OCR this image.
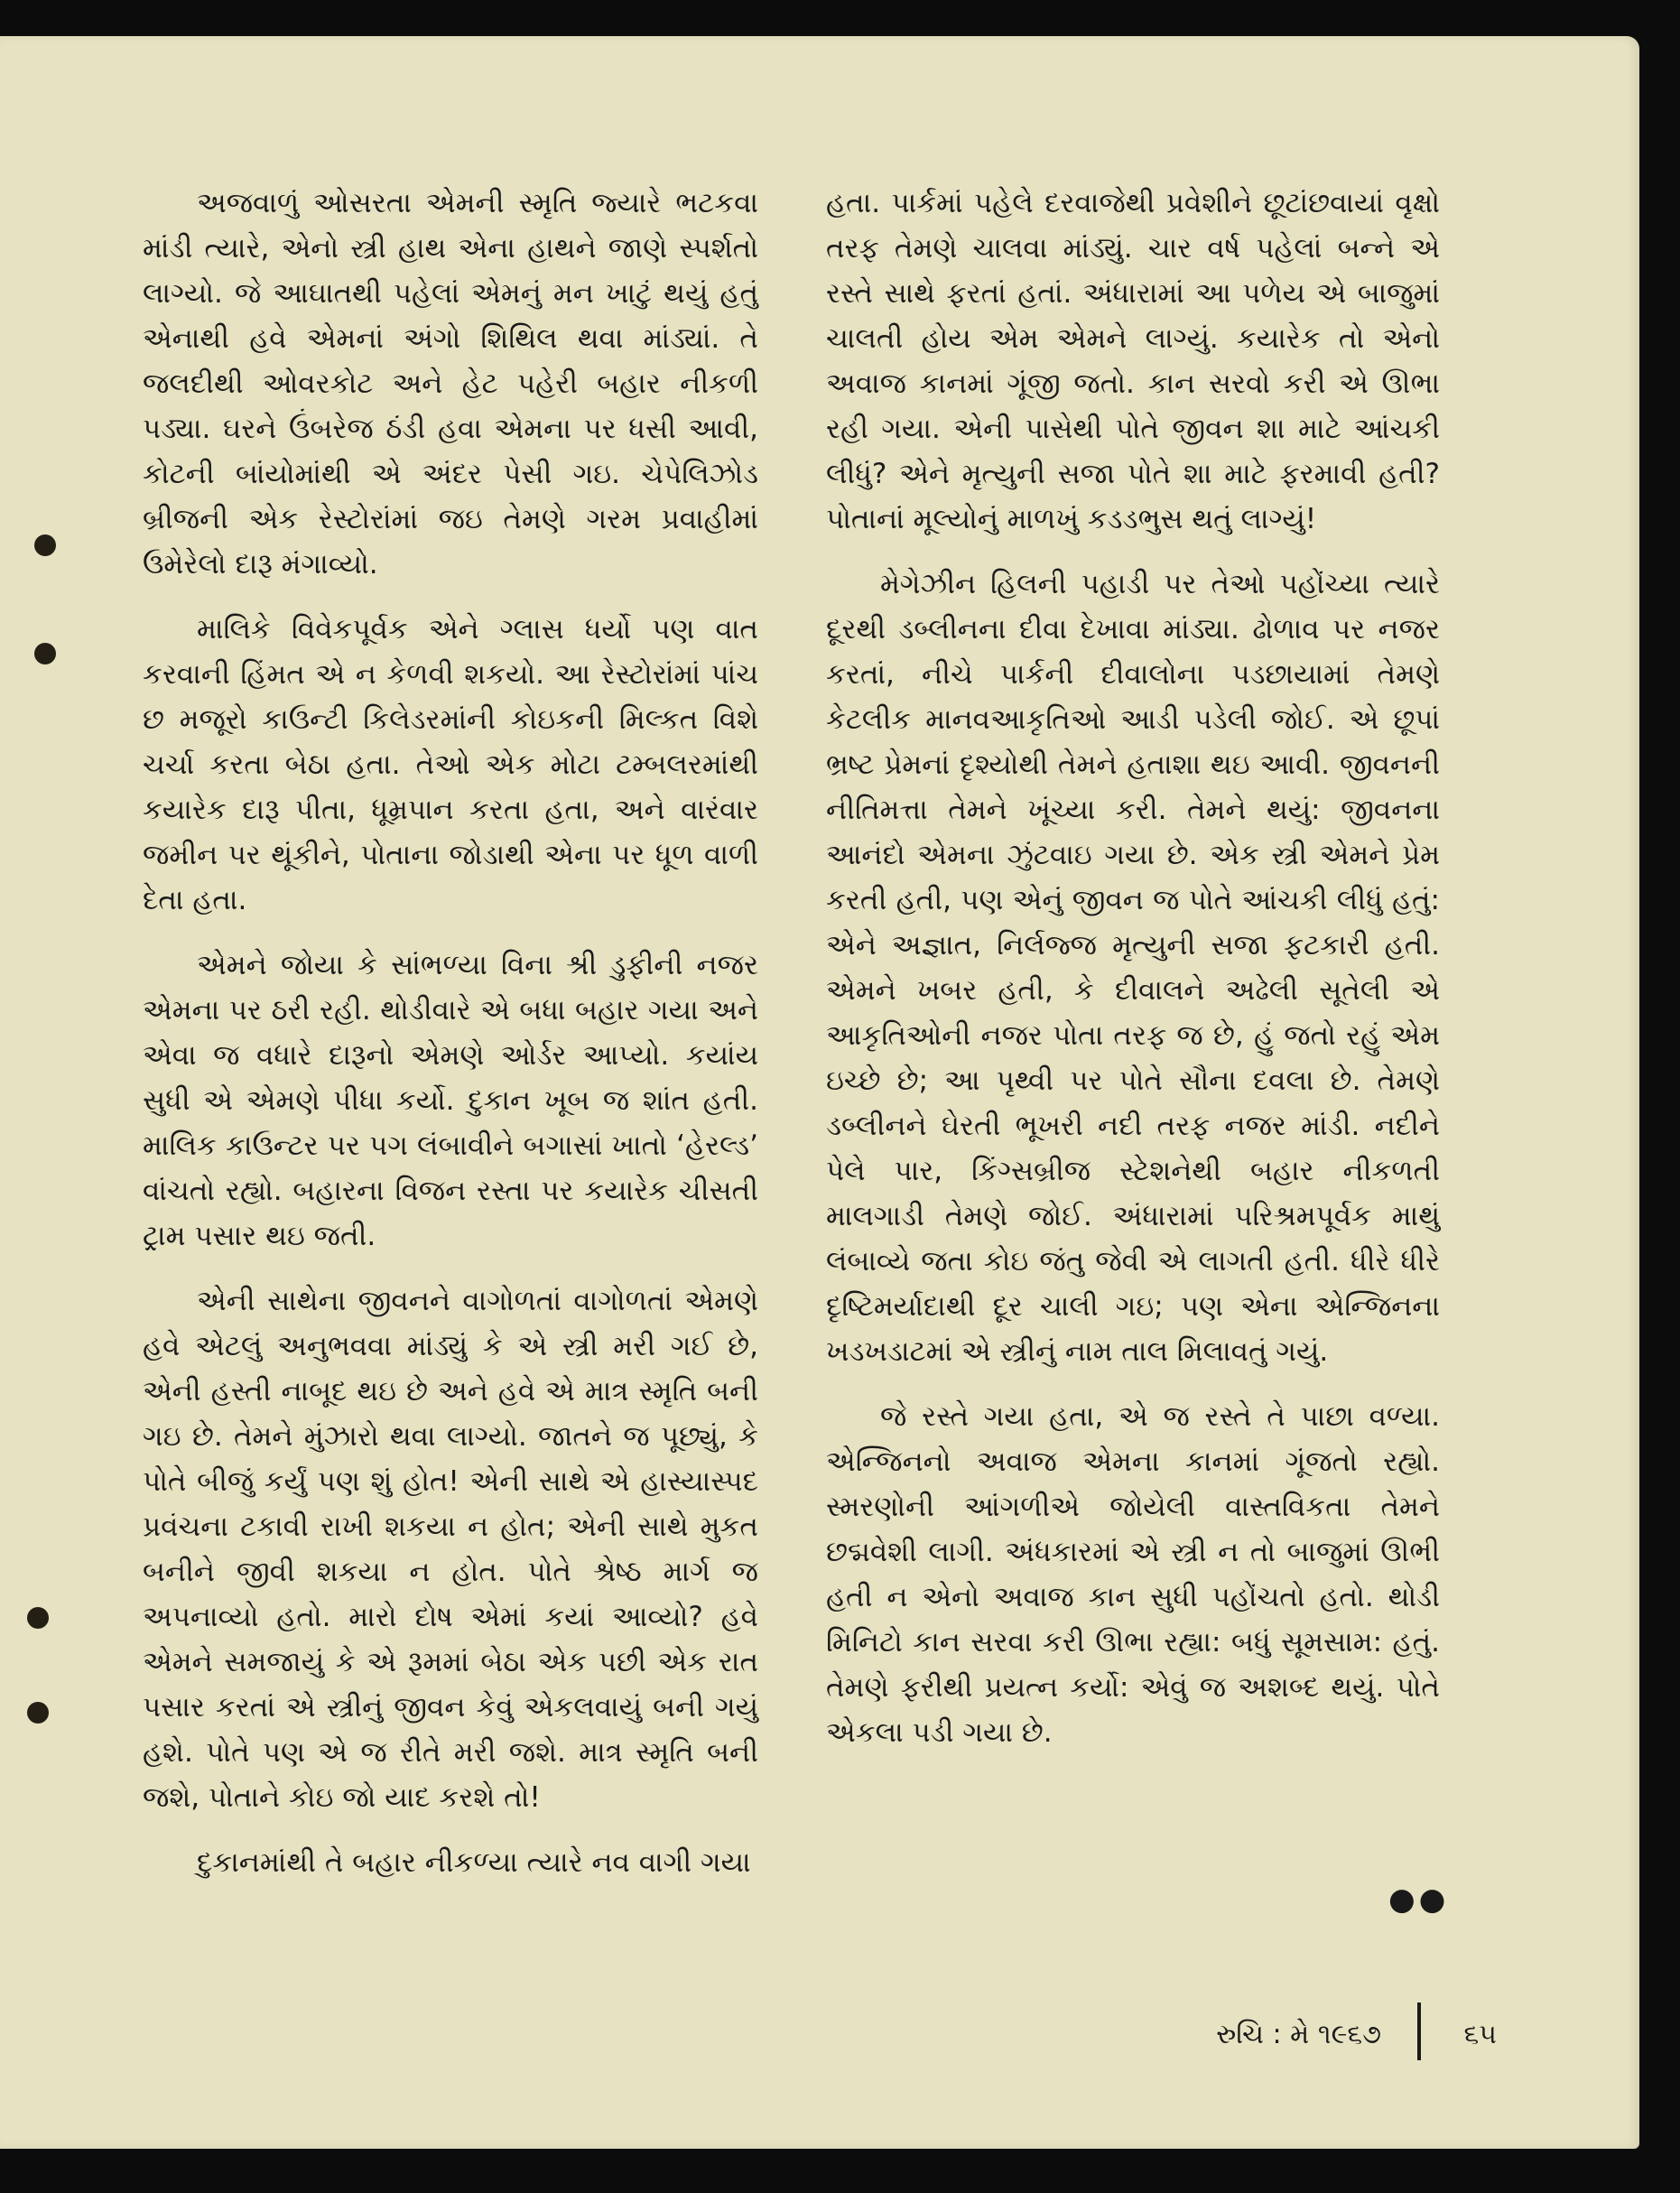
અજવાળું ઓસરતા એમની સ્મૃતિ જ્યારે ભટકવા માંડી ત્યારે, એનો સ્ત્રી હાથ એના હાથને જાણે સ્પર્શતો લાગ્યો. જે આઘાતથી પહેલાં એમનું મન ખાટું થયું હતું એનાથી હવે એમનાં અંગો શિથિલ થવા માંડ્યાં. તે જલદીથી ઓવરકોટ અને હેટ પહેરી બહાર નીકળી પડ્યા. ઘરને ઉંબરેજ ઠંડી હવા એમના પર ધસી આવી, કોટની બાંયોમાંથી એ અંદર પેસી ગઇ. ચેપેલિઝોડ બ્રીજની એક રેસ્ટોરાંમાં જઇ તેમણે ગરમ પ્રવાહીમાં ઉમેરેલો દારૂ મંગાવ્યો.

માલિકે વિવેકપૂર્વક એને ગ્લાસ ધર્યો પણ વાત કરવાની હિંમત એ ન કેળવી શકયો. આ રેસ્ટોરાંમાં પાંચ છ મજૂરો કાઉન્ટી કિલેડરમાંની કોઇકની મિલ્કત વિશે ચર્ચા કરતા બેઠા હતા. તેઓ એક મોટા ટમ્બલરમાંથી કયારેક દારૂ પીતા, ધૂમ્રપાન કરતા હતા, અને વારંવાર જમીન પર થૂંકીને, પોતાના જોડાથી એના પર ધૂળ વાળી દેતા હતા.

એમને જોયા કે સાંભળ્યા વિના શ્રી ડુફીની નજર એમના પર ઠરી રહી. થોડીવારે એ બધા બહાર ગયા અને એવા જ વધારે દારૂનો એમણે ઓર્ડર આપ્યો. કયાંય સુધી એ એમણે પીધા કર્યો. દુકાન ખૂબ જ શાંત હતી. માલિક કાઉન્ટર પર પગ લંબાવીને બગાસાં ખાતો ‘હેરલ્ડ’ વાંચતો રહ્યો. બહારના વિજન રસ્તા પર કયારેક ચીસતી ટ્રામ પસાર થઇ જતી.

એની સાથેના જીવનને વાગોળતાં વાગોળતાં એમણે હવે એટલું અનુભવવા માંડ્યું કે એ સ્ત્રી મરી ગઈ છે, એની હસ્તી નાબૂદ થઇ છે અને હવે એ માત્ર સ્મૃતિ બની ગઇ છે. તેમને મુંઝારો થવા લાગ્યો. જાતને જ પૂછ્યું, કે પોતે બીજું કર્યું પણ શું હોત! એની સાથે એ હાસ્યાસ્પદ પ્રવંચના ટકાવી રાખી શકયા ન હોત; એની સાથે મુકત બનીને જીવી શકયા ન હોત. પોતે શ્રેષ્ઠ માર્ગ જ અપનાવ્યો હતો. મારો દોષ એમાં કયાં આવ્યો? હવે એમને સમજાયું કે એ રૂમમાં બેઠા એક પછી એક રાત પસાર કરતાં એ સ્ત્રીનું જીવન કેવું એકલવાયું બની ગયું હશે. પોતે પણ એ જ રીતે મરી જશે. માત્ર સ્મૃતિ બની જશે, પોતાને કોઇ જો યાદ કરશે તો!

દુકાનમાંથી તે બહાર નીકળ્યા ત્યારે નવ વાગી ગયા

હતા. પાર્કમાં પહેલે દરવાજેથી પ્રવેશીને છૂટાંછવાયાં વૃક્ષો તરફ તેમણે ચાલવા માંડ્યું. ચાર વર્ષ પહેલાં બન્ને એ રસ્તે સાથે ફરતાં હતાં. અંધારામાં આ પળેય એ બાજુમાં ચાલતી હોય એમ એમને લાગ્યું. કયારેક તો એનો અવાજ કાનમાં ગૂંજી જતો. કાન સરવો કરી એ ઊભા રહી ગયા. એની પાસેથી પોતે જીવન શા માટે આંચકી લીધું? એને મૃત્યુની સજા પોતે શા માટે ફરમાવી હતી? પોતાનાં મૂલ્યોનું માળખું કડડભુસ થતું લાગ્યું!

મેગેઝીન હિલની પહાડી પર તેઓ પહોંચ્યા ત્યારે દૂરથી ડબ્લીનના દીવા દેખાવા માંડ્યા. ઢોળાવ પર નજર કરતાં, નીચે પાર્કની દીવાલોના પડછાયામાં તેમણે કેટલીક માનવઆકૃતિઓ આડી પડેલી જોઈ. એ છૂપાં ભ્રષ્ટ પ્રેમનાં દૃશ્યોથી તેમને હતાશા થઇ આવી. જીવનની નીતિમત્તા તેમને ખૂંચ્યા કરી. તેમને થયું: જીવનના આનંદો એમના ઝુંટવાઇ ગયા છે. એક સ્ત્રી એમને પ્રેમ કરતી હતી, પણ એનું જીવન જ પોતે આંચકી લીધું હતું: એને અજ્ઞાત, નિર્લજ્જ મૃત્યુની સજા ફટકારી હતી. એમને ખબર હતી, કે દીવાલને અઢેલી સૂતેલી એ આકૃતિઓની નજર પોતા તરફ જ છે, હું જતો રહું એમ ઇચ્છે છે; આ પૃથ્વી પર પોતે સૌના દવલા છે. તેમણે ડબ્લીનને ઘેરતી ભૂખરી નદી તરફ નજર માંડી. નદીને પેલે પાર, કિંગ્સબ્રીજ સ્ટેશનેથી બહાર નીકળતી માલગાડી તેમણે જોઈ. અંધારામાં પરિશ્રમપૂર્વક માથું લંબાવ્યે જતા કોઇ જંતુ જેવી એ લાગતી હતી. ધીરે ધીરે દૃષ્ટિમર્યાદાથી દૂર ચાલી ગઇ; પણ એના એન્જિનના ખડખડાટમાં એ સ્ત્રીનું નામ તાલ મિલાવતું ગયું.

જે રસ્તે ગયા હતા, એ જ રસ્તે તે પાછા વળ્યા. એન્જિનનો અવાજ એમના કાનમાં ગૂંજતો રહ્યો. સ્મરણોની આંગળીએ જોયેલી વાસ્તવિકતા તેમને છદ્મવેશી લાગી. અંધકારમાં એ સ્ત્રી ન તો બાજુમાં ઊભી હતી ન એનો અવાજ કાન સુધી પહોંચતો હતો. થોડી મિનિટો કાન સરવા કરી ઊભા રહ્યા: બધું સૂમસામ: હતું. તેમણે ફરીથી પ્રયત્ન કર્યો: એવું જ અશબ્દ થયું. પોતે એકલા પડી ગયા છે.

●●
રુચિ : મે ૧૯૬૭	૬૫
